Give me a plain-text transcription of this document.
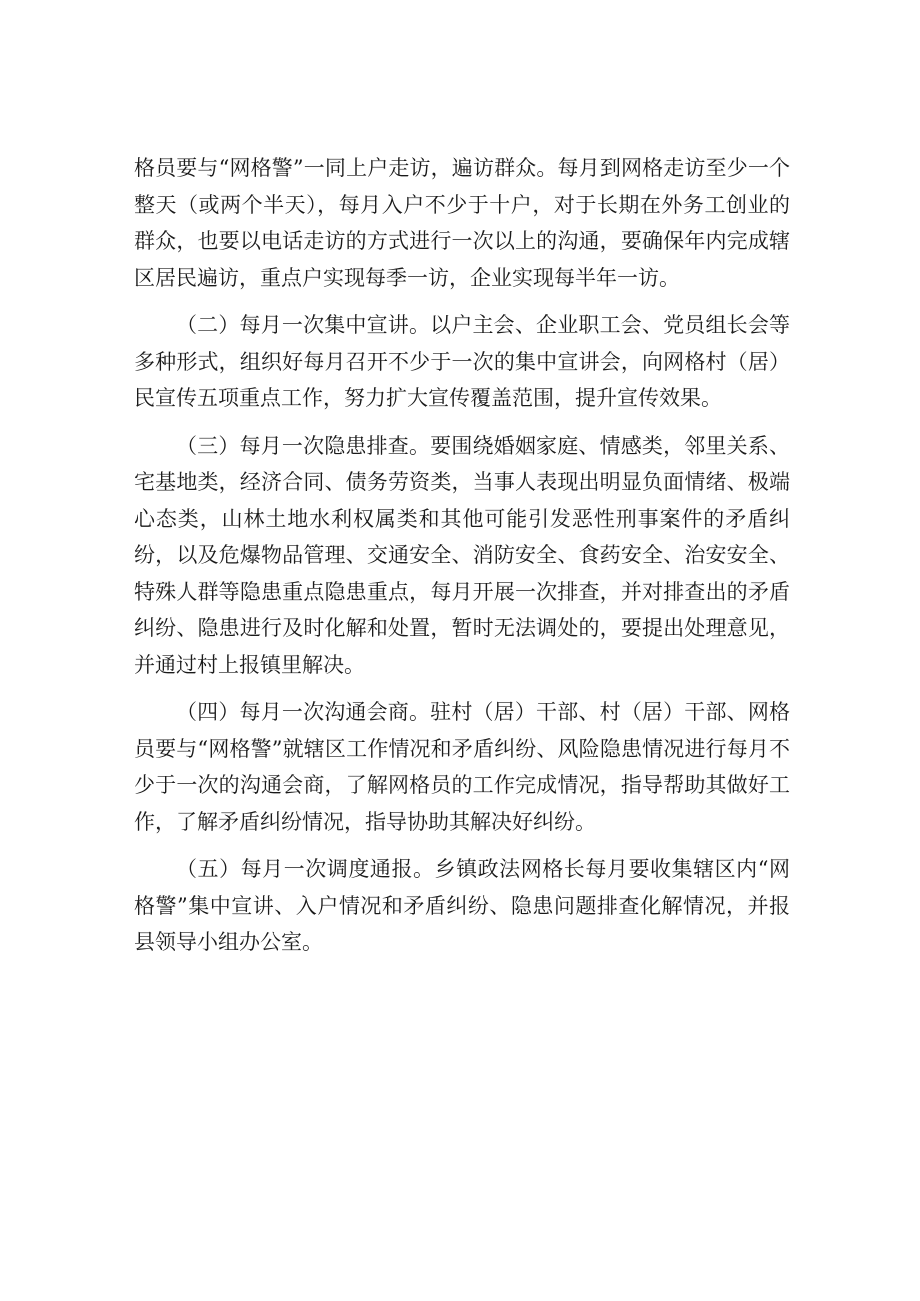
格员要与“网格警”一同上户走访，遍访群众。每月到网格走访至少一个整天（或两个半天），每月入户不少于十户，对于长期在外务工创业的群众，也要以电话走访的方式进行一次以上的沟通，要确保年内完成辖区居民遍访，重点户实现每季一访，企业实现每半年一访。

（二）每月一次集中宣讲。以户主会、企业职工会、党员组长会等多种形式，组织好每月召开不少于一次的集中宣讲会，向网格村（居）民宣传五项重点工作，努力扩大宣传覆盖范围，提升宣传效果。

（三）每月一次隐患排查。要围绕婚姻家庭、情感类，邻里关系、宅基地类，经济合同、债务劳资类，当事人表现出明显负面情绪、极端心态类，山林土地水利权属类和其他可能引发恶性刑事案件的矛盾纠纷，以及危爆物品管理、交通安全、消防安全、食药安全、治安安全、特殊人群等隐患重点隐患重点，每月开展一次排查，并对排查出的矛盾纠纷、隐患进行及时化解和处置，暂时无法调处的，要提出处理意见，并通过村上报镇里解决。

（四）每月一次沟通会商。驻村（居）干部、村（居）干部、网格员要与“网格警”就辖区工作情况和矛盾纠纷、风险隐患情况进行每月不少于一次的沟通会商，了解网格员的工作完成情况，指导帮助其做好工作，了解矛盾纠纷情况，指导协助其解决好纠纷。

（五）每月一次调度通报。乡镇政法网格长每月要收集辖区内“网格警”集中宣讲、入户情况和矛盾纠纷、隐患问题排查化解情况，并报县领导小组办公室。
